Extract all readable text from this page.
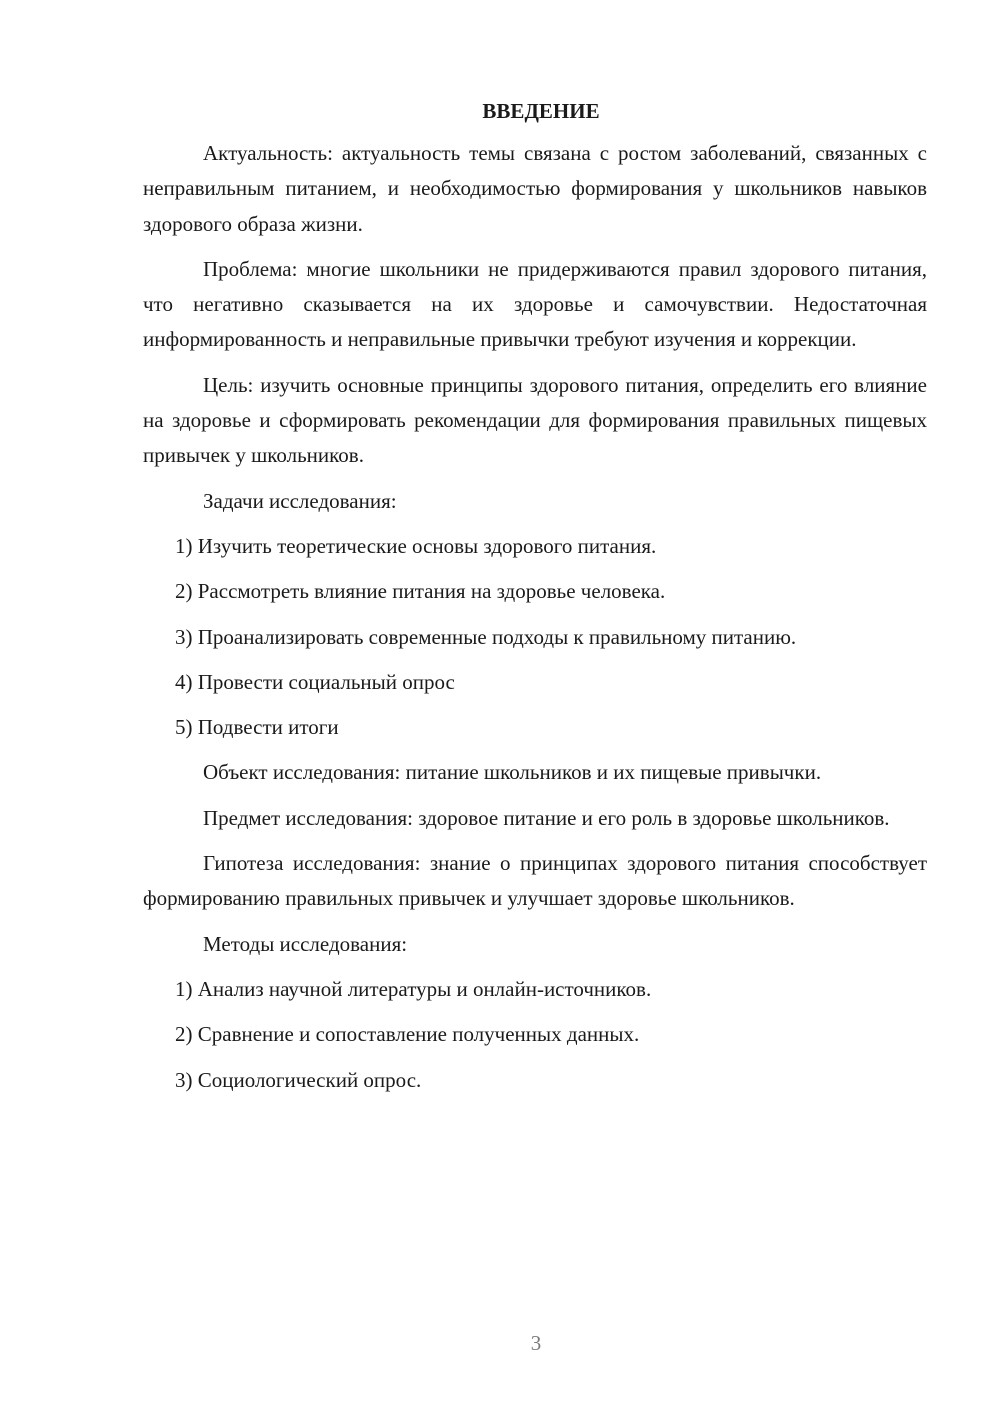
ВВЕДЕНИЕ

Актуальность: актуальность темы связана с ростом заболеваний, связанных с неправильным питанием, и необходимостью формирования у школьников навыков здорового образа жизни.

Проблема: многие школьники не придерживаются правил здорового питания, что негативно сказывается на их здоровье и самочувствии. Недостаточная информированность и неправильные привычки требуют изучения и коррекции.

Цель: изучить основные принципы здорового питания, определить его влияние на здоровье и сформировать рекомендации для формирования правильных пищевых привычек у школьников.

Задачи исследования:

1) Изучить теоретические основы здорового питания.
2) Рассмотреть влияние питания на здоровье человека.
3) Проанализировать современные подходы к правильному питанию.
4) Провести социальный опрос
5) Подвести итоги

Объект исследования: питание школьников и их пищевые привычки.

Предмет исследования: здоровое питание и его роль в здоровье школьников.

Гипотеза исследования: знание о принципах здорового питания способствует формированию правильных привычек и улучшает здоровье школьников.

Методы исследования:

1) Анализ научной литературы и онлайн-источников.
2) Сравнение и сопоставление полученных данных.
3) Социологический опрос.
3
